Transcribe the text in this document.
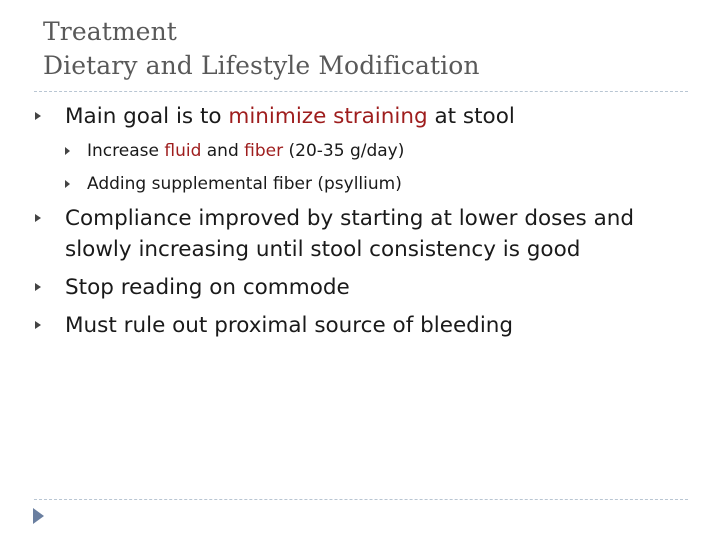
Treatment
Dietary and Lifestyle Modification
Main goal is to minimize straining at stool
Increase fluid and fiber (20-35 g/day)
Adding supplemental fiber (psyllium)
Compliance improved by starting at lower doses and
slowly increasing until stool consistency is good
Stop reading on commode
Must rule out proximal source of bleeding
